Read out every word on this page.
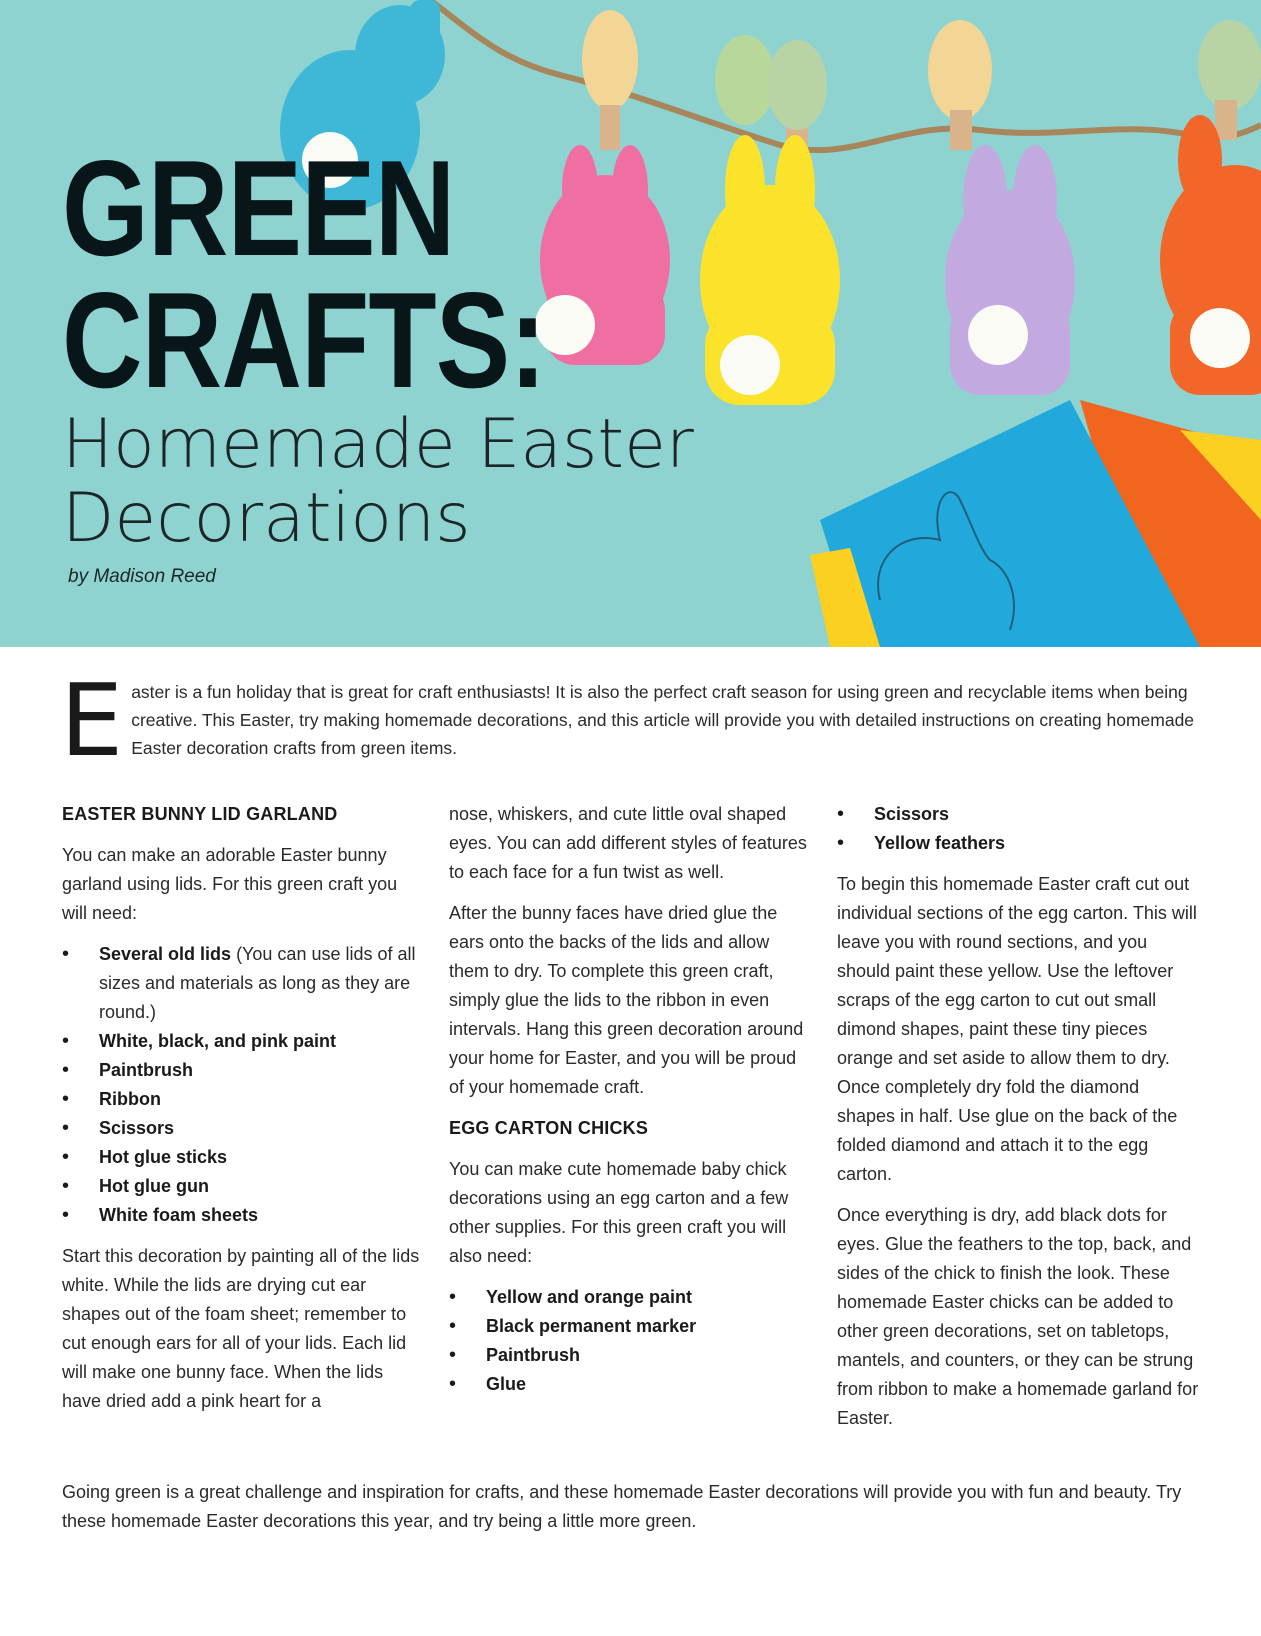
GREEN
CRAFTS:
Homemade Easter
Decorations
by Madison Reed
E aster is a fun holiday that is great for craft enthusiasts! It is also the perfect craft season for using green and recyclable items when being creative. This Easter, try making homemade decorations, and this article will provide you with detailed instructions on creating homemade Easter decoration crafts from green items.
EASTER BUNNY LID GARLAND

You can make an adorable Easter bunny garland using lids. For this green craft you will need:

• Several old lids (You can use lids of all sizes and materials as long as they are round.)
• White, black, and pink paint
• Paintbrush
• Ribbon
• Scissors
• Hot glue sticks
• Hot glue gun
• White foam sheets

Start this decoration by painting all of the lids white. While the lids are drying cut ear shapes out of the foam sheet; remember to cut enough ears for all of your lids. Each lid will make one bunny face. When the lids have dried add a pink heart for a

nose, whiskers, and cute little oval shaped eyes. You can add different styles of features to each face for a fun twist as well.

After the bunny faces have dried glue the ears onto the backs of the lids and allow them to dry. To complete this green craft, simply glue the lids to the ribbon in even intervals. Hang this green decoration around your home for Easter, and you will be proud of your homemade craft.

EGG CARTON CHICKS

You can make cute homemade baby chick decorations using an egg carton and a few other supplies. For this green craft you will also need:

• Yellow and orange paint
• Black permanent marker
• Paintbrush
• Glue
• Scissors
• Yellow feathers

To begin this homemade Easter craft cut out individual sections of the egg carton. This will leave you with round sections, and you should paint these yellow. Use the leftover scraps of the egg carton to cut out small dimond shapes, paint these tiny pieces orange and set aside to allow them to dry. Once completely dry fold the diamond shapes in half. Use glue on the back of the folded diamond and attach it to the egg carton.

Once everything is dry, add black dots for eyes. Glue the feathers to the top, back, and sides of the chick to finish the look. These homemade Easter chicks can be added to other green decorations, set on tabletops, mantels, and counters, or they can be strung from ribbon to make a homemade garland for Easter.

Going green is a great challenge and inspiration for crafts, and these homemade Easter decorations will provide you with fun and beauty. Try these homemade Easter decorations this year, and try being a little more green.
